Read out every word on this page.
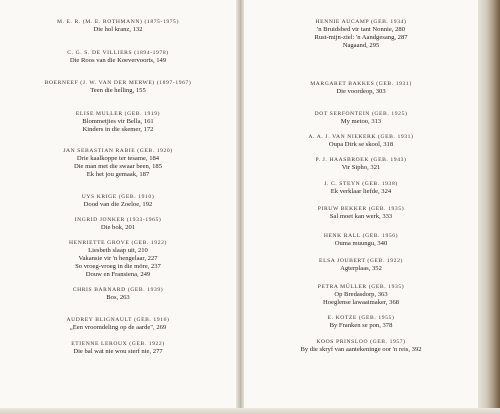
M. E. R. (M. E. ROTHMANN) (1875-1975)
Die hol kranz, 132
C. G. S. DE VILLIERS (1894-1978)
Die Roos van die Koevervoorts, 149
BOERNEEF (J. W. VAN DER MERWE) (1897-1967)
Teen die helling, 155
ELISE MULLER (GEB. 1919)
Blommetjies vir Bella, 161
Kinders in die skemer, 172
JAN SEBASTIAN RABIE (GEB. 1920)
Drie kaalkoppe ter tesame, 184
Die man met die swaar been, 185
Ek het jou gemaak, 187
UYS KRIGE (GEB. 1910)
Dood van die Zoeloe, 192
INGRID JONKER (1933-1965)
Die bok, 201
HENRIETTE GROVE (GEB. 1922)
Liesbeth slaap uit, 210
Vakansie vir 'n hengelaar, 227
So vroeg-vroeg in die mōre, 237
Douw en Fransiena, 249
CHRIS BARNARD (GEB. 1939)
Bos, 263
AUDREY BLIGNAULT (GEB. 1916)
„Een vroomdeling op de aarde", 269
ETIENNE LEROUX (GEB. 1922)
Die bal wat nie wou sterf nie, 277
HENNIE AUCAMP (GEB. 1934)
'n Bruidsbed vir tant Nonnie, 280
Rust-mijn-ziel: 'n Aandgesang, 287
Nagaand, 295
MARGARET BAKKES (GEB. 1931)
Die voordeop, 303
DOT SERFONTEIN (GEB. 1925)
My metoo, 313
A. A. J. VAN NIEKERK (GEB. 1931)
Oupa Dirk se skool, 318
P. J. HAASBROEK (GEB. 1943)
Vir Sipho, 321
J. C. STEYN (GEB. 1938)
Ek verklaar liefde, 324
PIRUW BEKKER (GEB. 1935)
Sal moet kan werk, 333
HENK RALL (GEB. 1956)
Ouma muungu, 340
ELSA JOUBERT (GEB. 1922)
Agterplaas, 352
PETRA MÜLLER (GEB. 1935)
Op Bredasdorp, 363
Hoeglense lawaaimaker, 368
E. KOTZE (GEB. 1955)
By Franken se pon, 378
KOOS PRINSLOO (GEB. 1957)
By die skryf van aantekeninge oor 'n reis, 392
